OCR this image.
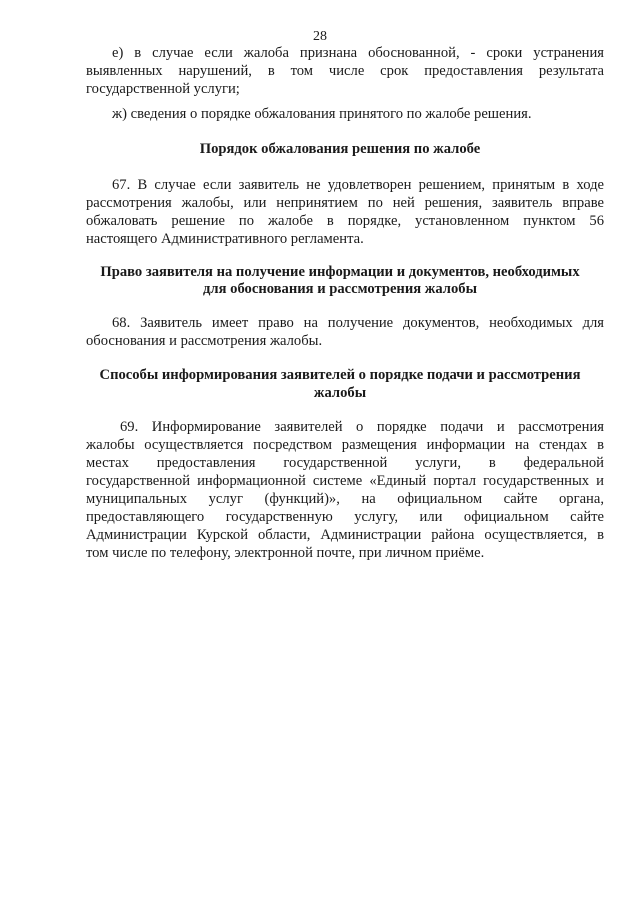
28
е) в случае если жалоба признана обоснованной, - сроки устранения
выявленных нарушений, в том числе срок предоставления результата
государственной услуги;
ж) сведения о порядке обжалования принятого по жалобе решения.
Порядок обжалования решения по жалобе
67. В случае если заявитель не удовлетворен решением, принятым в ходе
рассмотрения жалобы, или непринятием по ней решения, заявитель вправе
обжаловать решение по жалобе в порядке, установленном пунктом 56
настоящего Административного регламента.
Право заявителя на получение информации и документов, необходимых
для обоснования и рассмотрения жалобы
68. Заявитель имеет право на получение документов, необходимых для
обоснования и рассмотрения жалобы.
Способы информирования заявителей о порядке подачи и рассмотрения
жалобы
69. Информирование заявителей о порядке подачи и рассмотрения
жалобы осуществляется посредством размещения информации на стендах в
местах предоставления государственной услуги, в федеральной
государственной информационной системе «Единый портал государственных и
муниципальных услуг (функций)», на официальном сайте органа,
предоставляющего государственную услугу, или официальном сайте
Администрации Курской области, Администрации района осуществляется, в
том числе по телефону, электронной почте, при личном приёме.
